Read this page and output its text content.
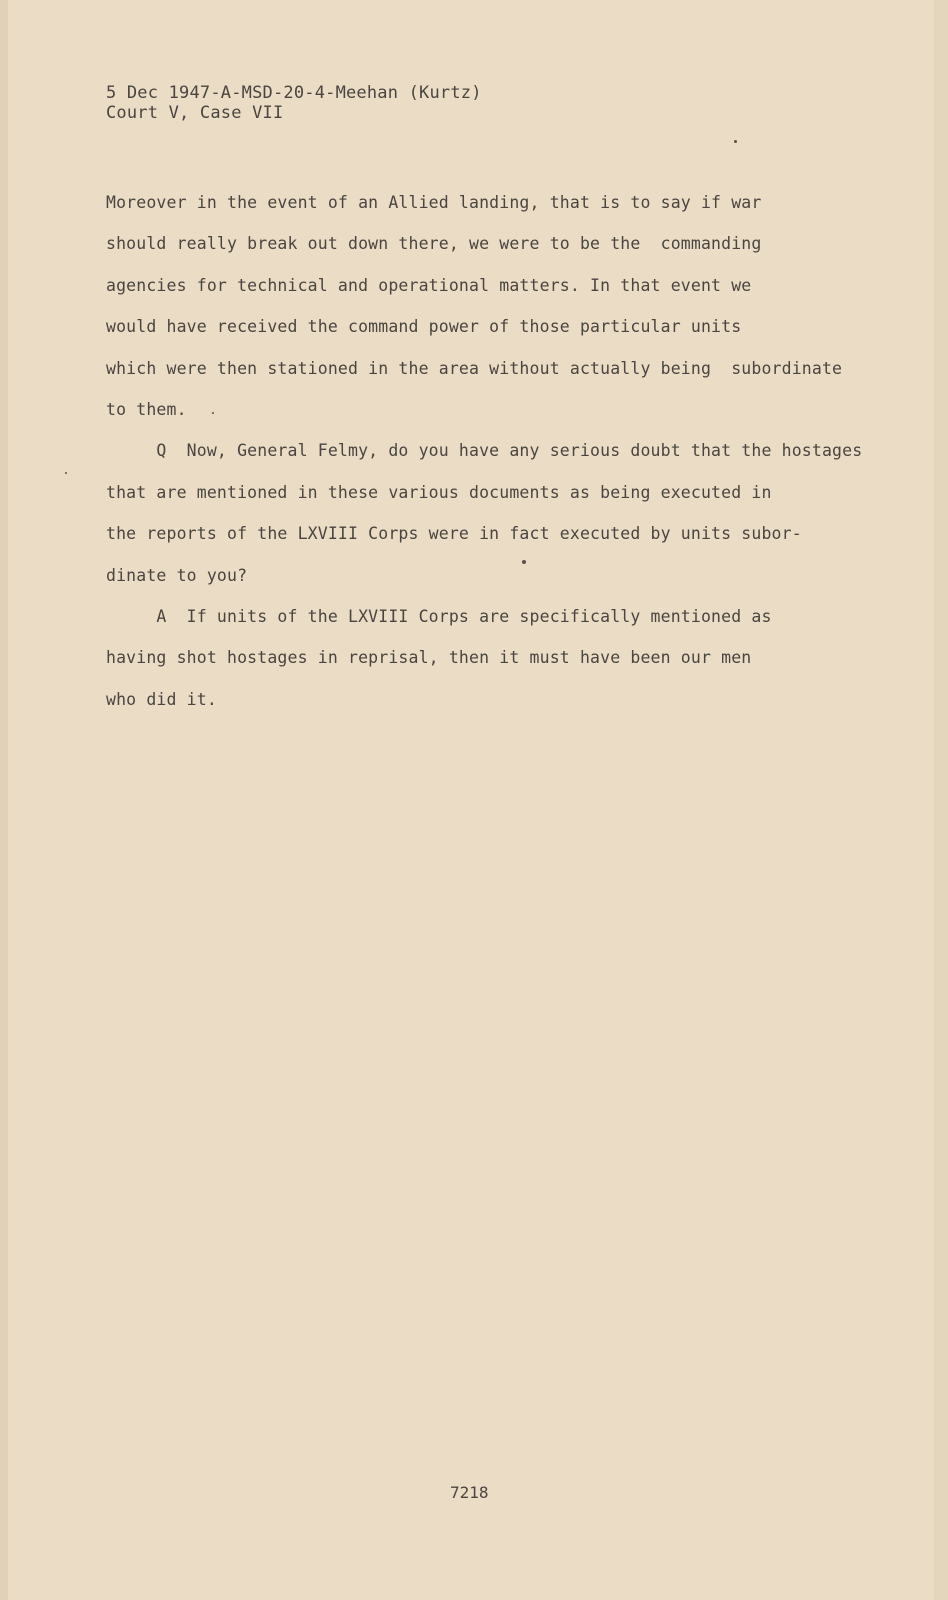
5 Dec 1947-A-MSD-20-4-Meehan (Kurtz)
Court V, Case VII
Moreover in the event of an Allied landing, that is to say if war
should really break out down there, we were to be the  commanding
agencies for technical and operational matters. In that event we
would have received the command power of those particular units
which were then stationed in the area without actually being  subordinate
to them.
Q  Now, General Felmy, do you have any serious doubt that the hostages
that are mentioned in these various documents as being executed in
the reports of the LXVIII Corps were in fact executed by units subor-
dinate to you?
A  If units of the LXVIII Corps are specifically mentioned as
having shot hostages in reprisal, then it must have been our men
who did it.
7218
